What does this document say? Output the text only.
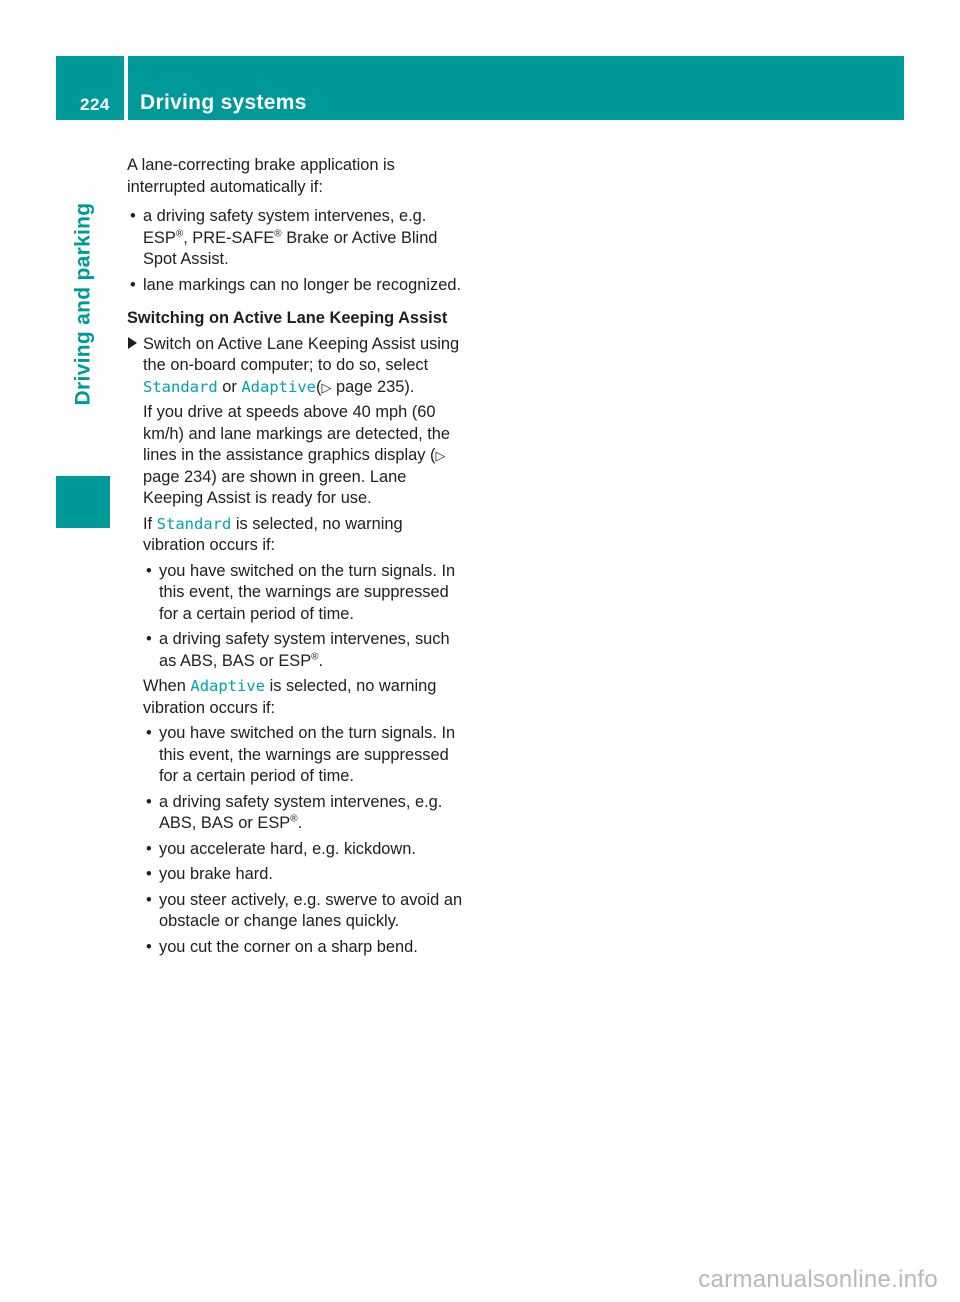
224 Driving systems
Driving and parking

A lane-correcting brake application is interrupted automatically if:

• a driving safety system intervenes, e.g. ESP®, PRE-SAFE® Brake or Active Blind Spot Assist.
• lane markings can no longer be recognized.

Switching on Active Lane Keeping Assist

Switch on Active Lane Keeping Assist using the on-board computer; to do so, select Standard or Adaptive(▷ page 235).

If you drive at speeds above 40 mph (60 km/h) and lane markings are detected, the lines in the assistance graphics display (▷ page 234) are shown in green. Lane Keeping Assist is ready for use.

If Standard is selected, no warning vibration occurs if:

• you have switched on the turn signals. In this event, the warnings are suppressed for a certain period of time.
• a driving safety system intervenes, such as ABS, BAS or ESP®.

When Adaptive is selected, no warning vibration occurs if:

• you have switched on the turn signals. In this event, the warnings are suppressed for a certain period of time.
• a driving safety system intervenes, e.g. ABS, BAS or ESP®.
• you accelerate hard, e.g. kickdown.
• you brake hard.
• you steer actively, e.g. swerve to avoid an obstacle or change lanes quickly.
• you cut the corner on a sharp bend.
carmanualsonline.info
